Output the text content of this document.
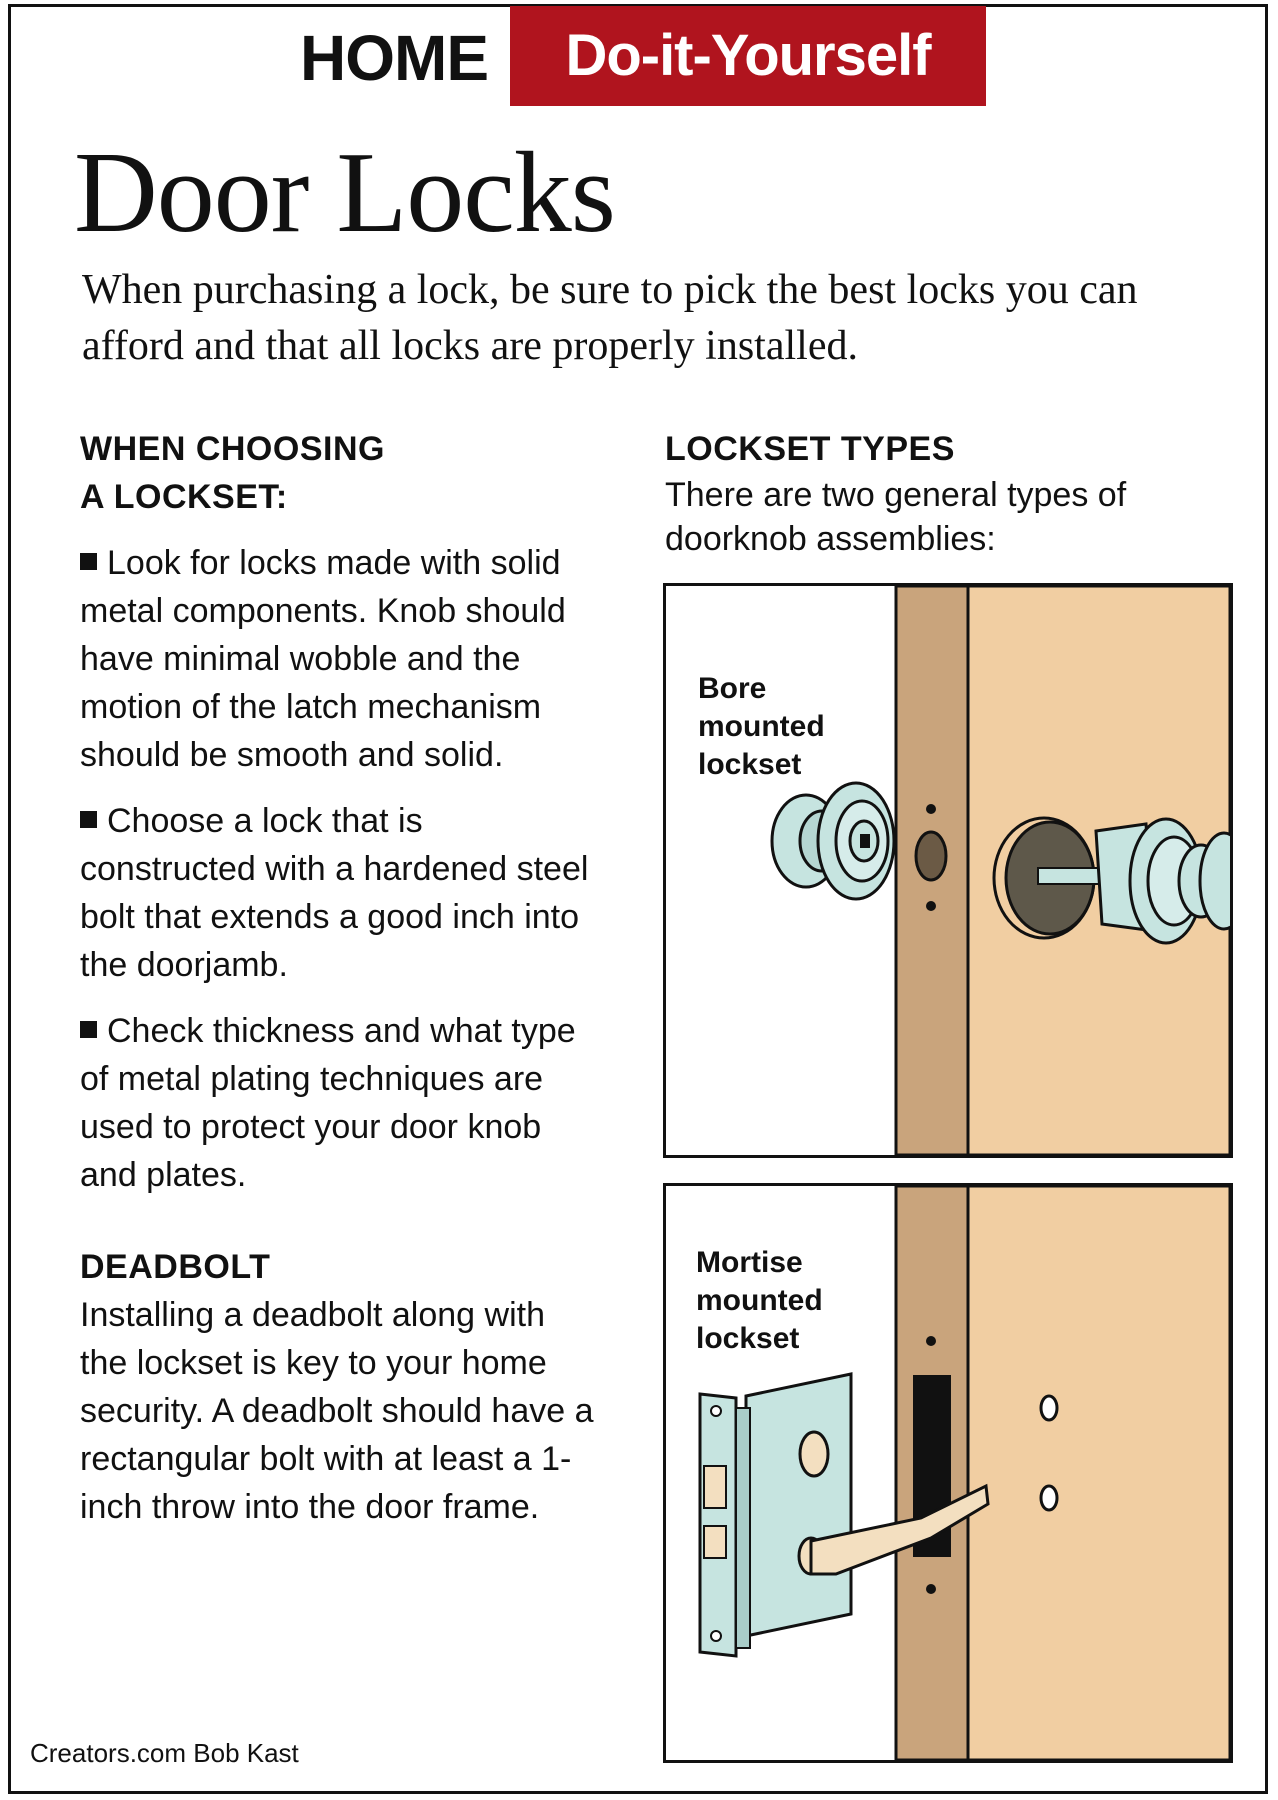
HOME	Do-it-Yourself
Door Locks
When purchasing a lock, be sure to pick the best locks you can afford and that all locks are properly installed.
WHEN CHOOSING
A LOCKSET:

Look for locks made with solid metal components. Knob should have minimal wobble and the motion of the latch mechanism should be smooth and solid.

Choose a lock that is constructed with a hardened steel bolt that extends a good inch into the doorjamb.

Check thickness and what type of metal plating techniques are used to protect your door knob and plates.

DEADBOLT
Installing a deadbolt along with the lockset is key to your home security. A deadbolt should have a rectangular bolt with at least a 1-inch throw into the door frame.
LOCKSET TYPES
There are two general types of doorknob assemblies:
Bore
mounted
lockset
Mortise
mounted
lockset
Creators.com Bob Kast
